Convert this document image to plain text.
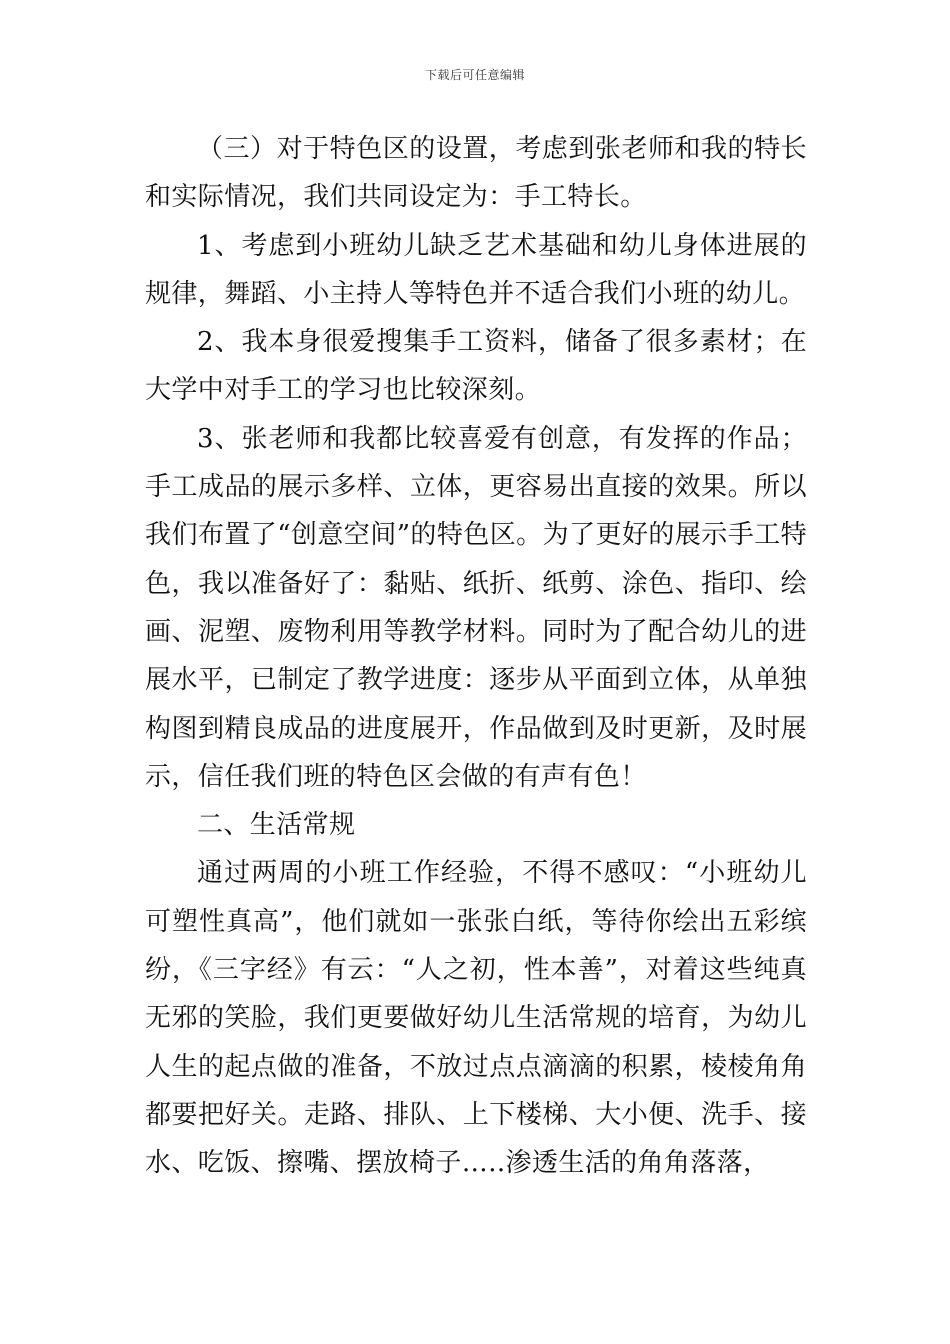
下载后可任意编辑

（三）对于特色区的设置，考虑到张老师和我的特长和实际情况，我们共同设定为：手工特长。

1、考虑到小班幼儿缺乏艺术基础和幼儿身体进展的规律，舞蹈、小主持人等特色并不适合我们小班的幼儿。

2、我本身很爱搜集手工资料，储备了很多素材；在大学中对手工的学习也比较深刻。

3、张老师和我都比较喜爱有创意，有发挥的作品；手工成品的展示多样、立体，更容易出直接的效果。所以我们布置了“创意空间”的特色区。为了更好的展示手工特色，我以准备好了：黏贴、纸折、纸剪、涂色、指印、绘画、泥塑、废物利用等教学材料。同时为了配合幼儿的进展水平，已制定了教学进度：逐步从平面到立体，从单独构图到精良成品的进度展开，作品做到及时更新，及时展示，信任我们班的特色区会做的有声有色！

二、生活常规

通过两周的小班工作经验，不得不感叹：“小班幼儿可塑性真高”，他们就如一张张白纸，等待你绘出五彩缤纷，《三字经》有云：“人之初，性本善”，对着这些纯真无邪的笑脸，我们更要做好幼儿生活常规的培育，为幼儿人生的起点做的准备，不放过点点滴滴的积累，棱棱角角都要把好关。走路、排队、上下楼梯、大小便、洗手、接水、吃饭、擦嘴、摆放椅子…..渗透生活的角角落落，
